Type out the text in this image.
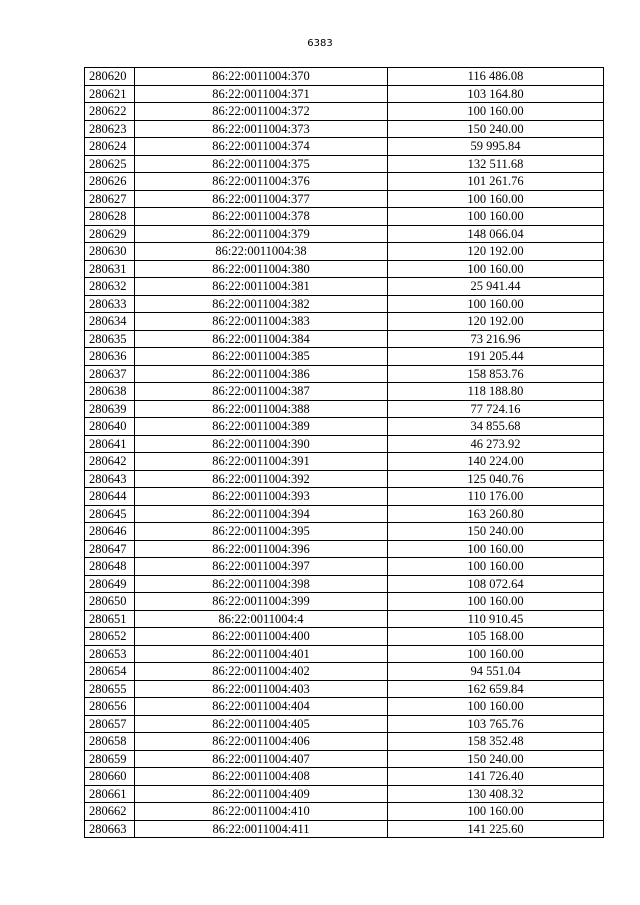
6383
280620	86:22:0011004:370	116 486.08
280621	86:22:0011004:371	103 164.80
280622	86:22:0011004:372	100 160.00
280623	86:22:0011004:373	150 240.00
280624	86:22:0011004:374	59 995.84
280625	86:22:0011004:375	132 511.68
280626	86:22:0011004:376	101 261.76
280627	86:22:0011004:377	100 160.00
280628	86:22:0011004:378	100 160.00
280629	86:22:0011004:379	148 066.04
280630	86:22:0011004:38	120 192.00
280631	86:22:0011004:380	100 160.00
280632	86:22:0011004:381	25 941.44
280633	86:22:0011004:382	100 160.00
280634	86:22:0011004:383	120 192.00
280635	86:22:0011004:384	73 216.96
280636	86:22:0011004:385	191 205.44
280637	86:22:0011004:386	158 853.76
280638	86:22:0011004:387	118 188.80
280639	86:22:0011004:388	77 724.16
280640	86:22:0011004:389	34 855.68
280641	86:22:0011004:390	46 273.92
280642	86:22:0011004:391	140 224.00
280643	86:22:0011004:392	125 040.76
280644	86:22:0011004:393	110 176.00
280645	86:22:0011004:394	163 260.80
280646	86:22:0011004:395	150 240.00
280647	86:22:0011004:396	100 160.00
280648	86:22:0011004:397	100 160.00
280649	86:22:0011004:398	108 072.64
280650	86:22:0011004:399	100 160.00
280651	86:22:0011004:4	110 910.45
280652	86:22:0011004:400	105 168.00
280653	86:22:0011004:401	100 160.00
280654	86:22:0011004:402	94 551.04
280655	86:22:0011004:403	162 659.84
280656	86:22:0011004:404	100 160.00
280657	86:22:0011004:405	103 765.76
280658	86:22:0011004:406	158 352.48
280659	86:22:0011004:407	150 240.00
280660	86:22:0011004:408	141 726.40
280661	86:22:0011004:409	130 408.32
280662	86:22:0011004:410	100 160.00
280663	86:22:0011004:411	141 225.60
